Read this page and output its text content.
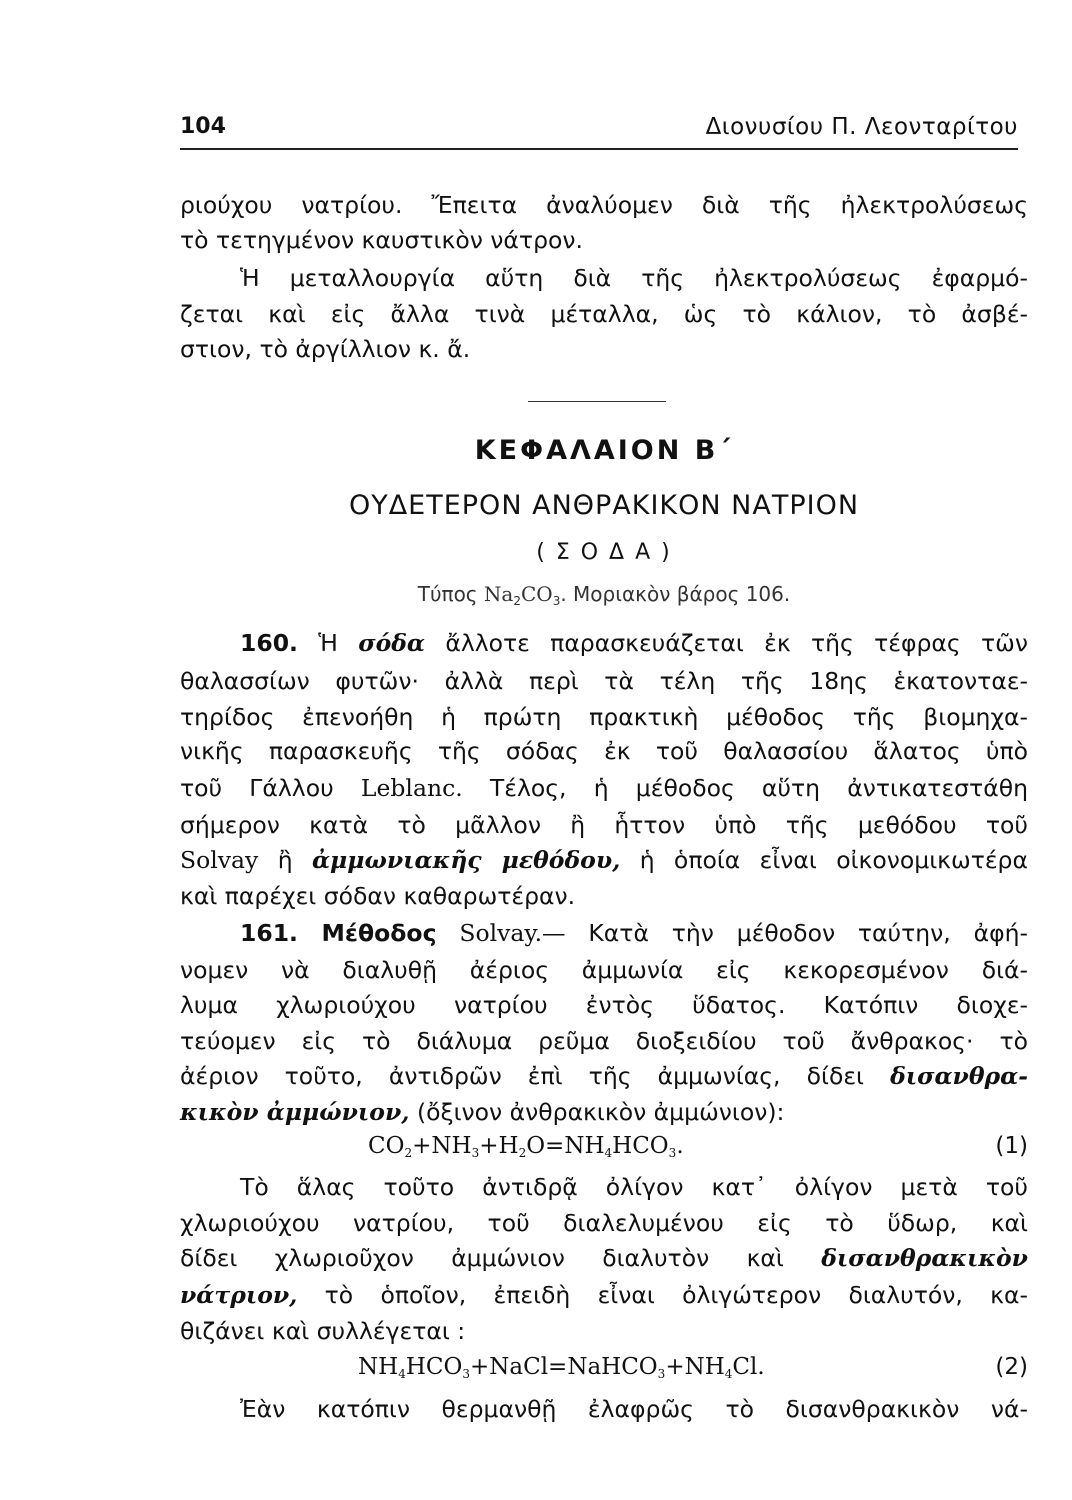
104	Διονυσίου Π. Λεονταρίτου
ριούχου νατρίου. Ἔπειτα ἀναλύομεν διὰ τῆς ἠλεκτρολύσεως
τὸ τετηγμένον καυστικὸν νάτρον.
Ἡ μεταλλουργία αὕτη διὰ τῆς ἠλεκτρολύσεως ἐφαρμό-
ζεται καὶ εἰς ἄλλα τινὰ μέταλλα, ὡς τὸ κάλιον, τὸ ἀσβέ-
στιον, τὸ ἀργίλλιον κ. ἄ.
ΚΕΦΑΛΑΙΟΝ Β΄
ΟΥΔΕΤΕΡΟΝ ΑΝΘΡΑΚΙΚΟΝ ΝΑΤΡΙΟΝ
( Σ Ο Δ Α )
Τύπος $Na_2CO_3$. Μοριακὸν βάρος 106.
160. Ἡ σόδα ἄλλοτε παρασκευάζεται ἐκ τῆς τέφρας τῶν
θαλασσίων φυτῶν· ἀλλὰ περὶ τὰ τέλη τῆς 18ης ἑκατονταε-
τηρίδος ἐπενοήθη ἡ πρώτη πρακτικὴ μέθοδος τῆς βιομηχα-
νικῆς παρασκευῆς τῆς σόδας ἐκ τοῦ θαλασσίου ἅλατος ὑπὸ
τοῦ Γάλλου Leblanc. Τέλος, ἡ μέθοδος αὕτη ἀντικατεστάθη
σήμερον κατὰ τὸ μᾶλλον ἢ ἧττον ὑπὸ τῆς μεθόδου τοῦ
Solvay ἢ ἀμμωνιακῆς μεθόδου, ἡ ὁποία εἶναι οἰκονομικωτέρα
καὶ παρέχει σόδαν καθαρωτέραν.
161. Μέθοδος Solvay.— Κατὰ τὴν μέθοδον ταύτην, ἀφή-
νομεν νὰ διαλυθῇ ἀέριος ἀμμωνία εἰς κεκορεσμένον διά-
λυμα χλωριούχου νατρίου ἐντὸς ὕδατος. Κατόπιν διοχε-
τεύομεν εἰς τὸ διάλυμα ρεῦμα διοξειδίου τοῦ ἄνθρακος· τὸ
ἀέριον τοῦτο, ἀντιδρῶν ἐπὶ τῆς ἀμμωνίας, δίδει δισανθρα-
κικὸν ἀμμώνιον, (ὄξινον ἀνθρακικὸν ἀμμώνιον):
$CO_2+NH_3+H_2O=NH_4HCO_3$.	(1)
Τὸ ἅλας τοῦτο ἀντιδρᾷ ὀλίγον κατ᾽ ὀλίγον μετὰ τοῦ
χλωριούχου νατρίου, τοῦ διαλελυμένου εἰς τὸ ὕδωρ, καὶ
δίδει χλωριοῦχον ἀμμώνιον διαλυτὸν καὶ δισανθρακικὸν
νάτριον, τὸ ὁποῖον, ἐπειδὴ εἶναι ὀλιγώτερον διαλυτόν, κα-
θιζάνει καὶ συλλέγεται :
$NH_4HCO_3+NaCl=NaHCO_3+NH_4Cl$.	(2)
Ἐὰν κατόπιν θερμανθῇ ἐλαφρῶς τὸ δισανθρακικὸν νά-
